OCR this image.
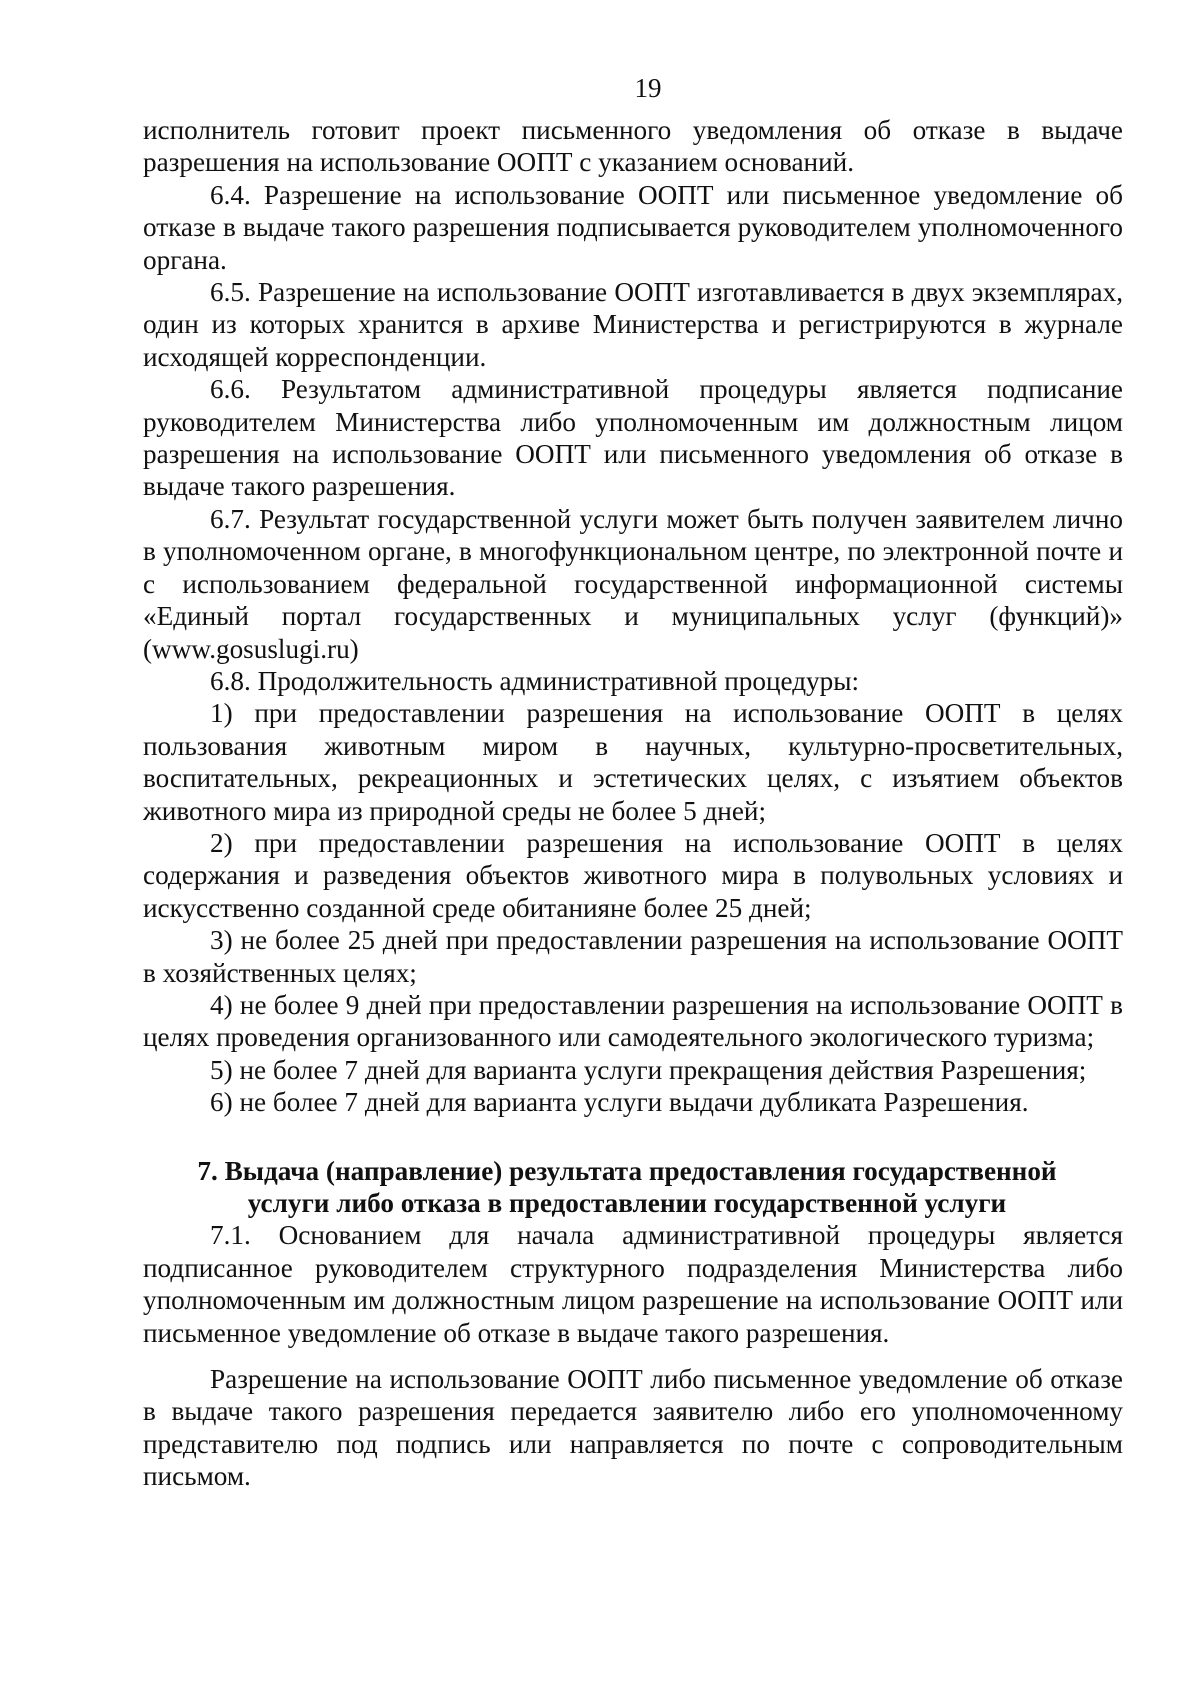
19

исполнитель готовит проект письменного уведомления об отказе в выдаче разрешения на использование ООПТ с указанием оснований.

6.4. Разрешение на использование ООПТ или письменное уведомление об отказе в выдаче такого разрешения подписывается руководителем уполномоченного органа.

6.5. Разрешение на использование ООПТ изготавливается в двух экземплярах, один из которых хранится в архиве Министерства и регистрируются в журнале исходящей корреспонденции.

6.6. Результатом административной процедуры является подписание руководителем Министерства либо уполномоченным им должностным лицом разрешения на использование ООПТ или письменного уведомления об отказе в выдаче такого разрешения.

6.7. Результат государственной услуги может быть получен заявителем лично в уполномоченном органе, в многофункциональном центре, по электронной почте и с использованием федеральной государственной информационной системы «Единый портал государственных и муниципальных услуг (функций)» (www.gosuslugi.ru)

6.8. Продолжительность административной процедуры:

1) при предоставлении разрешения на использование ООПТ в целях пользования животным миром в научных, культурно-просветительных, воспитательных, рекреационных и эстетических целях, с изъятием объектов животного мира из природной среды не более 5 дней;

2) при предоставлении разрешения на использование ООПТ в целях содержания и разведения объектов животного мира в полувольных условиях и искусственно созданной среде обитанияне более 25 дней;

3) не более 25 дней при предоставлении разрешения на использование ООПТ в хозяйственных целях;

4) не более 9 дней при предоставлении разрешения на использование ООПТ в целях проведения организованного или самодеятельного экологического туризма;

5) не более 7 дней для варианта услуги прекращения действия Разрешения;

6) не более 7 дней для варианта услуги выдачи дубликата Разрешения.

7. Выдача (направление) результата предоставления государственной
услуги либо отказа в предоставлении государственной услуги

7.1. Основанием для начала административной процедуры является подписанное руководителем структурного подразделения Министерства либо уполномоченным им должностным лицом разрешение на использование ООПТ или письменное уведомление об отказе в выдаче такого разрешения.

Разрешение на использование ООПТ либо письменное уведомление об отказе в выдаче такого разрешения передается заявителю либо его уполномоченному представителю под подпись или направляется по почте с сопроводительным письмом.
